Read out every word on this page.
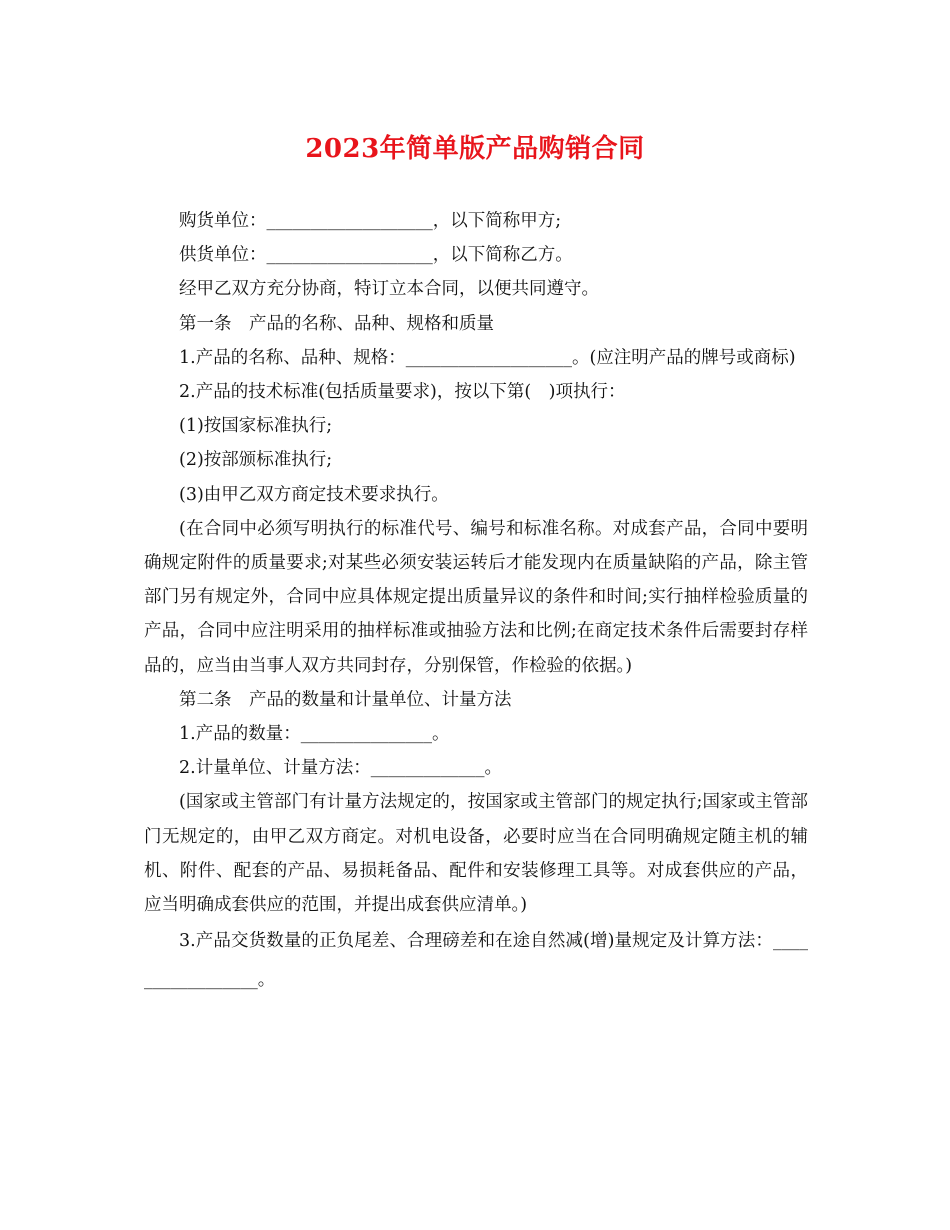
2023年简单版产品购销合同

购货单位：___________________，以下简称甲方;

供货单位：___________________，以下简称乙方。

经甲乙双方充分协商，特订立本合同，以便共同遵守。

第一条　产品的名称、品种、规格和质量

1.产品的名称、品种、规格：___________________。(应注明产品的牌号或商标)

2.产品的技术标准(包括质量要求)，按以下第(　)项执行：

(1)按国家标准执行;

(2)按部颁标准执行;

(3)由甲乙双方商定技术要求执行。

(在合同中必须写明执行的标准代号、编号和标准名称。对成套产品，合同中要明确规定附件的质量要求;对某些必须安装运转后才能发现内在质量缺陷的产品，除主管部门另有规定外，合同中应具体规定提出质量异议的条件和时间;实行抽样检验质量的产品，合同中应注明采用的抽样标准或抽验方法和比例;在商定技术条件后需要封存样品的，应当由当事人双方共同封存，分别保管，作检验的依据。)

第二条　产品的数量和计量单位、计量方法

1.产品的数量：_______________。

2.计量单位、计量方法：_____________。

(国家或主管部门有计量方法规定的，按国家或主管部门的规定执行;国家或主管部门无规定的，由甲乙双方商定。对机电设备，必要时应当在合同明确规定随主机的辅机、附件、配套的产品、易损耗备品、配件和安装修理工具等。对成套供应的产品，应当明确成套供应的范围，并提出成套供应清单。)

3.产品交货数量的正负尾差、合理磅差和在途自然减(增)量规定及计算方法：_________________。
